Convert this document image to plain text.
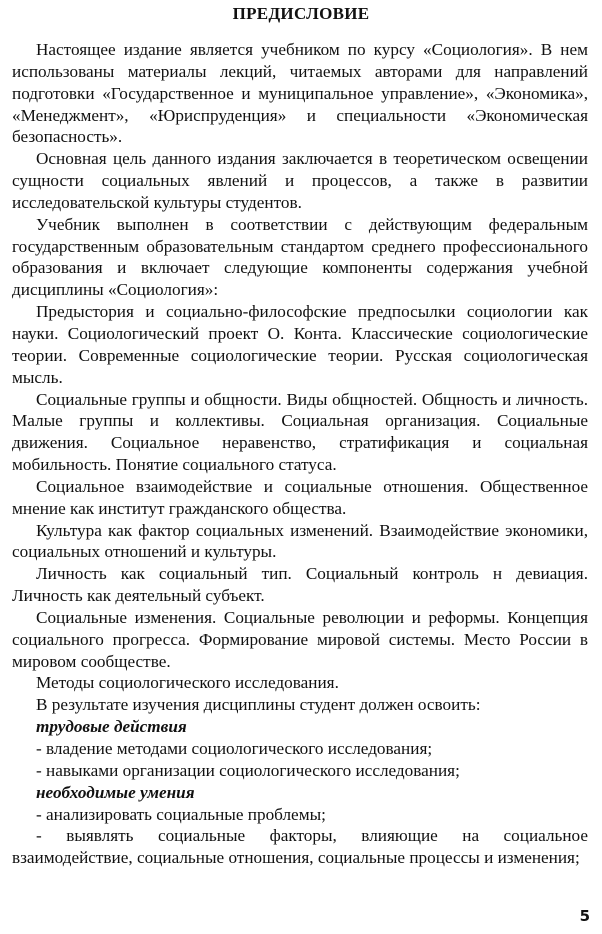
ПРЕДИСЛОВИЕ

Настоящее издание является учебником по курсу «Социология». В нем использованы материалы лекций, читаемых авторами для направлений подготовки «Государственное и муниципальное управление», «Экономика», «Менеджмент», «Юриспруденция» и специальности «Экономическая безопасность».

Основная цель данного издания заключается в теоретическом освещении сущности социальных явлений и процессов, а также в развитии исследовательской культуры студентов.

Учебник выполнен в соответствии с действующим федеральным государственным образовательным стандартом среднего профессионального образования и включает следующие компоненты содержания учебной дисциплины «Социология»:

Предыстория и социально-философские предпосылки социологии как науки. Социологический проект О. Конта. Классические социологические теории. Современные социологические теории. Русская социологическая мысль.

Социальные группы и общности. Виды общностей. Общность и личность. Малые группы и коллективы. Социальная организация. Социальные движения. Социальное неравенство, стратификация и социальная мобильность. Понятие социального статуса.

Социальное взаимодействие и социальные отношения. Общественное мнение как институт гражданского общества.

Культура как фактор социальных изменений. Взаимодействие экономики, социальных отношений и культуры.

Личность как социальный тип. Социальный контроль н девиация. Личность как деятельный субъект.

Социальные изменения. Социальные революции и реформы. Концепция социального прогресса. Формирование мировой системы. Место России в мировом сообществе.

Методы социологического исследования.

В результате изучения дисциплины студент должен освоить:

трудовые действия

- владение методами социологического исследования;

- навыками организации социологического исследования;

необходимые умения

- анализировать социальные проблемы;

- выявлять социальные факторы, влияющие на социальное взаимодействие, социальные отношения, социальные процессы и изменения;

5
